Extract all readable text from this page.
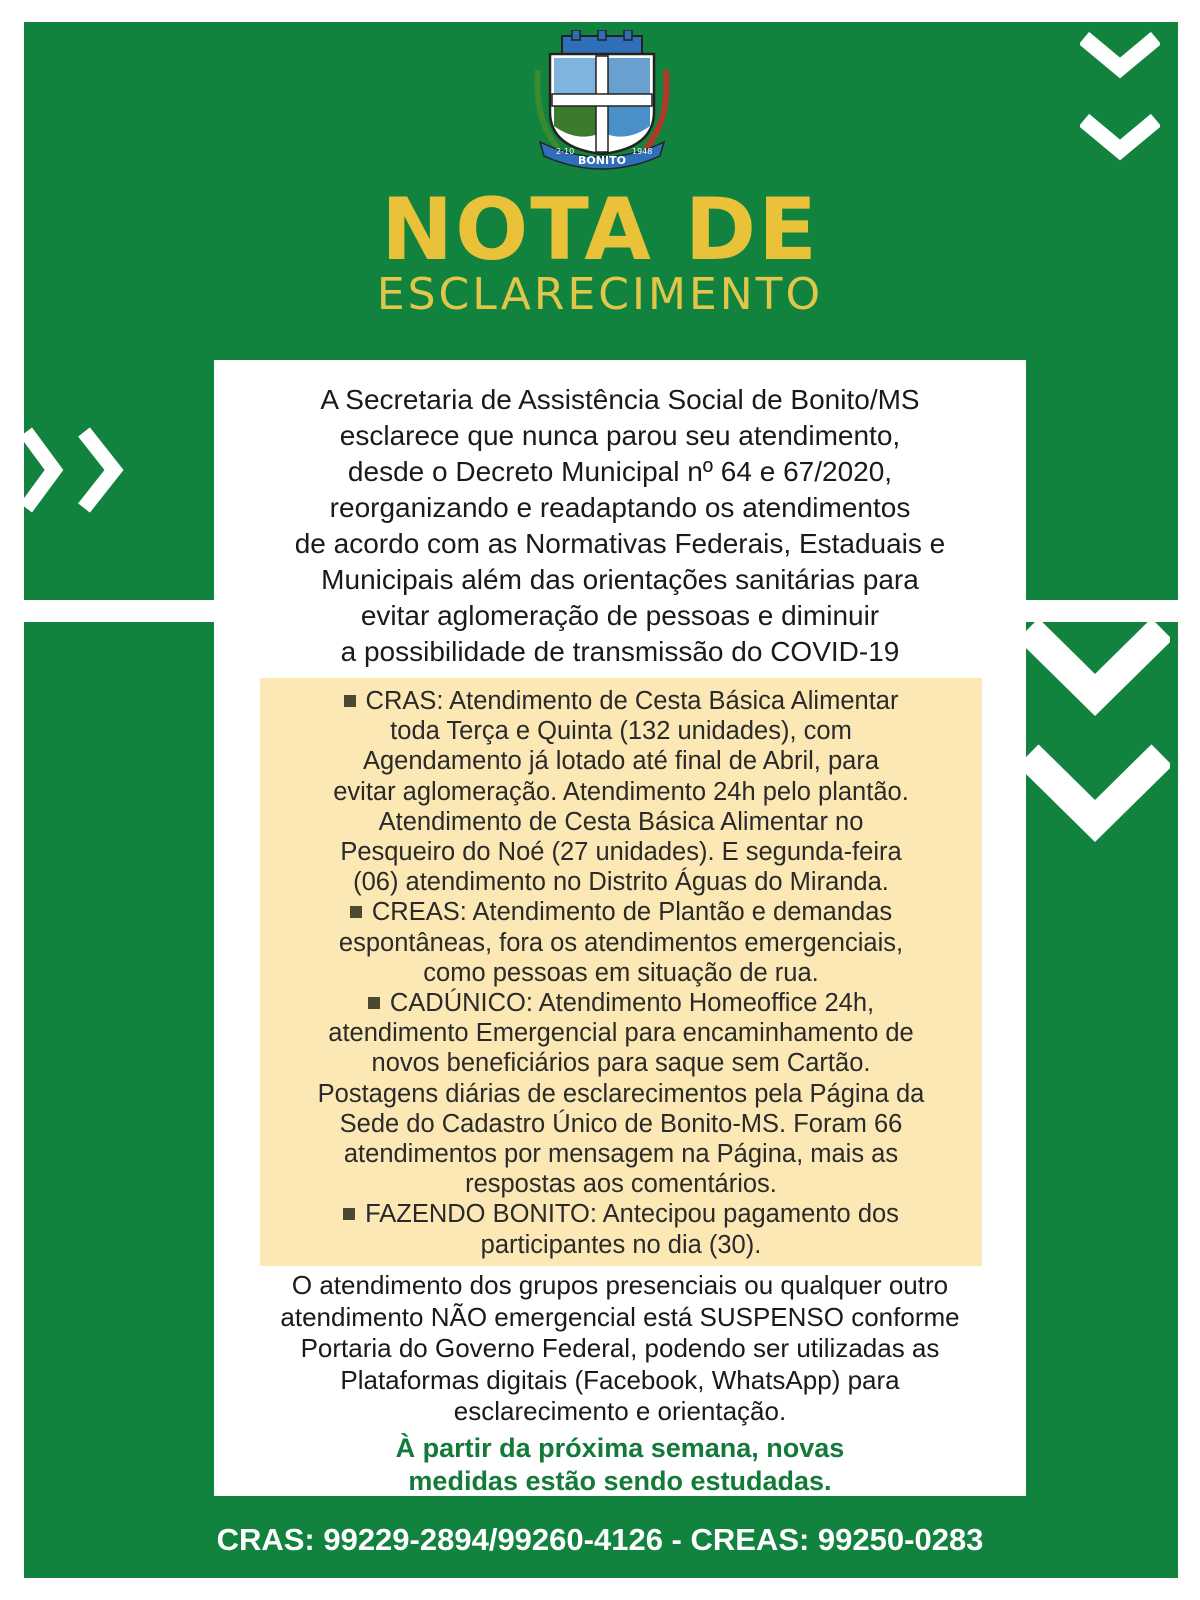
BONITO
2-10	1948
NOTA DE
ESCLARECIMENTO
A Secretaria de Assistência Social de Bonito/MS
esclarece que nunca parou seu atendimento,
desde o Decreto Municipal nº 64 e 67/2020,
reorganizando e readaptando os atendimentos
de acordo com as Normativas Federais, Estaduais e
Municipais além das orientações sanitárias para
evitar aglomeração de pessoas e diminuir
a possibilidade de transmissão do COVID-19

CRAS: Atendimento de Cesta Básica Alimentar

toda Terça e Quinta (132 unidades), com

Agendamento já lotado até final de Abril, para

evitar aglomeração. Atendimento 24h pelo plantão.

Atendimento de Cesta Básica Alimentar no

Pesqueiro do Noé (27 unidades). E segunda-feira

(06) atendimento no Distrito Águas do Miranda.

CREAS: Atendimento de Plantão e demandas

espontâneas, fora os atendimentos emergenciais,

como pessoas em situação de rua.

CADÚNICO: Atendimento Homeoffice 24h,

atendimento Emergencial para encaminhamento de

novos beneficiários para saque sem Cartão.

Postagens diárias de esclarecimentos pela Página da

Sede do Cadastro Único de Bonito-MS. Foram 66

atendimentos por mensagem na Página, mais as

respostas aos comentários.

FAZENDO BONITO: Antecipou pagamento dos

participantes no dia (30).

O atendimento dos grupos presenciais ou qualquer outro
atendimento NÃO emergencial está SUSPENSO conforme
Portaria do Governo Federal, podendo ser utilizadas as
Plataformas digitais (Facebook, WhatsApp) para
esclarecimento e orientação.
À partir da próxima semana, novas
medidas estão sendo estudadas.
CRAS: 99229-2894/99260-4126 - CREAS: 99250-0283
